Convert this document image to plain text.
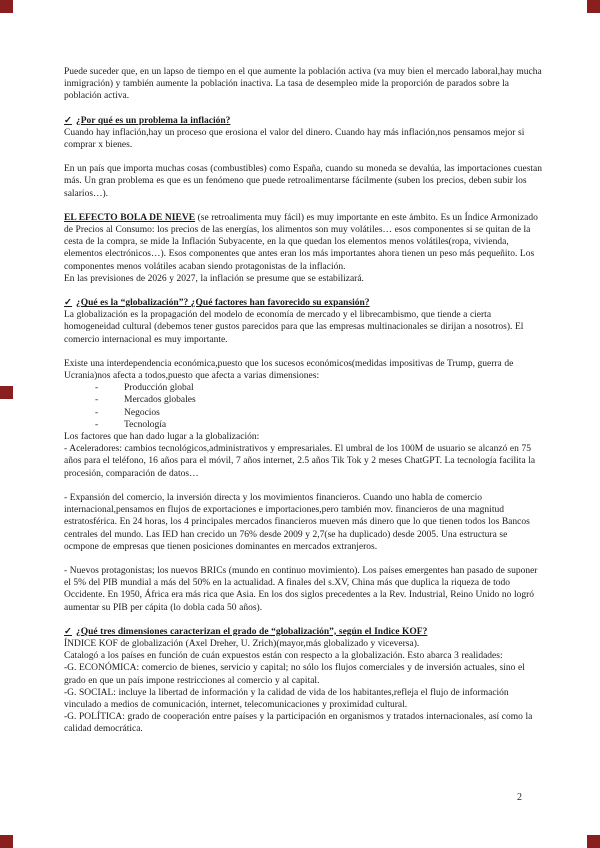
Puede suceder que, en un lapso de tiempo en el que aumente la población activa (va muy bien el mercado laboral,hay mucha inmigración) y también aumente la población inactiva. La tasa de desempleo mide la proporción de parados sobre la población activa.

✓ ¿Por qué es un problema la inflación?

Cuando hay inflación,hay un proceso que erosiona el valor del dinero. Cuando hay más inflación,nos pensamos mejor si comprar x bienes.

En un país que importa muchas cosas (combustibles) como España, cuando su moneda se devalúa, las importaciones cuestan más. Un gran problema es que es un fenómeno que puede retroalimentarse fácilmente (suben los precios, deben subir los salarios…).

EL EFECTO BOLA DE NIEVE (se retroalimenta muy fácil) es muy importante en este ámbito. Es un Índice Armonizado de Precios al Consumo: los precios de las energías, los alimentos son muy volátiles… esos componentes si se quitan de la cesta de la compra, se mide la Inflación Subyacente, en la que quedan los elementos menos volátiles(ropa, vivienda, elementos electrónicos…). Esos componentes que antes eran los más importantes ahora tienen un peso más pequeñito. Los componentes menos volátiles acaban siendo protagonistas de la inflación.

En las previsiones de 2026 y 2027, la inflación se presume que se estabilizará.

✓ ¿Qué es la “globalización”? ¿Qué factores han favorecido su expansión?

La globalización es la propagación del modelo de economía de mercado y el librecambismo, que tiende a cierta homogeneidad cultural (debemos tener gustos parecidos para que las empresas multinacionales se dirijan a nosotros). El comercio internacional es muy importante.

Existe una interdependencia económica,puesto que los sucesos económicos(medidas impositivas de Trump, guerra de Ucrania)nos afecta a todos,puesto que afecta a varias dimensiones:

-	Producción global
-	Mercados globales
-	Negocios
-	Tecnología

Los factores que han dado lugar a la globalización:

- Aceleradores: cambios tecnológicos,administrativos y empresariales. El umbral de los 100M de usuario se alcanzó en 75 años para el teléfono, 16 años para el móvil, 7 años internet, 2.5 años Tik Tok y 2 meses ChatGPT. La tecnología facilita la procesión, comparación de datos…

- Expansión del comercio, la inversión directa y los movimientos financieros. Cuando uno habla de comercio internacional,pensamos en flujos de exportaciones e importaciones,pero también mov. financieros de una magnitud estratosférica. En 24 horas, los 4 principales mercados financieros mueven más dinero que lo que tienen todos los Bancos centrales del mundo. Las IED han crecido un 76% desde 2009 y 2,7(se ha duplicado) desde 2005. Una estructura se ocmpone de empresas que tienen posiciones dominantes en mercados extranjeros.

- Nuevos protagonistas; los nuevos BRICs (mundo en continuo movimiento). Los países emergentes han pasado de suponer el 5% del PIB mundial a más del 50% en la actualidad. A finales del s.XV, China más que duplica la riqueza de todo Occidente. En 1950, África era más rica que Asia. En los dos siglos precedentes a la Rev. Industrial, Reino Unido no logró aumentar su PIB per cápita (lo dobla cada 50 años).

✓ ¿Qué tres dimensiones caracterizan el grado de “globalización”, según el Indice KOF?

ÍNDICE KOF de globalización (Axel Dreher, U. Zrich)(mayor,más globalizado y viceversa).

Catalogó a los países en función de cuán expuestos están con respecto a la globalización. Esto abarca 3 realidades:

-G. ECONÓMICA: comercio de bienes, servicio y capital; no sólo los flujos comerciales y de inversión actuales, sino el grado en que un país impone restricciones al comercio y al capital.

-G. SOCIAL: incluye la libertad de información y la calidad de vida de los habitantes,refleja el flujo de información vinculado a medios de comunicación, internet, telecomunicaciones y proximidad cultural.

-G. POLÍTICA: grado de cooperación entre países y la participación en organismos y tratados internacionales, así como la calidad democrática.

2
